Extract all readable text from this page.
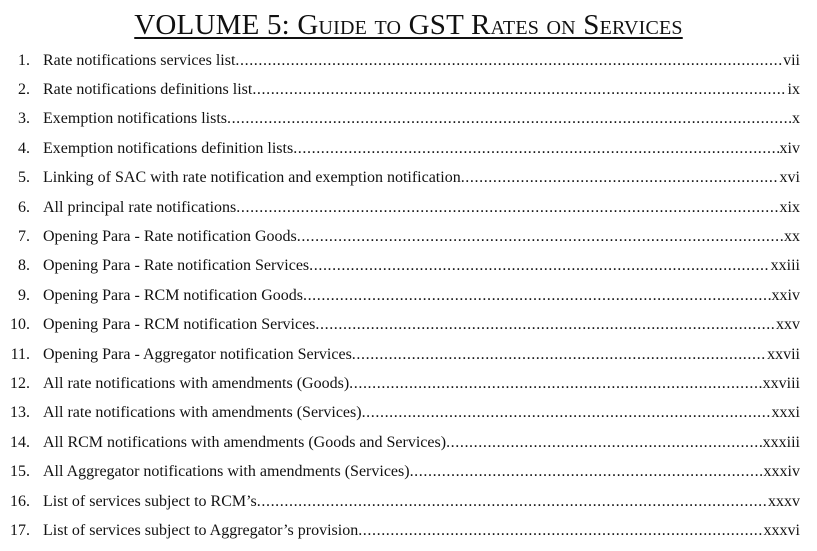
VOLUME 5: Guide to GST Rates on Services
1. Rate notifications services list .....	vii
2. Rate notifications definitions list .....	ix
3. Exemption notifications lists .....	x
4. Exemption notifications definition lists .....	xiv
5. Linking of SAC with rate notification and exemption notification .....	xvi
6. All principal rate notifications .....	xix
7. Opening Para - Rate notification Goods .....	xx
8. Opening Para - Rate notification Services .....	xxiii
9. Opening Para - RCM notification Goods .....	xxiv
10. Opening Para - RCM notification Services .....	xxv
11. Opening Para - Aggregator notification Services .....	xxvii
12. All rate notifications with amendments (Goods) .....	xxviii
13. All rate notifications with amendments (Services) .....	xxxi
14. All RCM notifications with amendments (Goods and Services) .....	xxxiii
15. All Aggregator notifications with amendments (Services) .....	xxxiv
16. List of services subject to RCM’s .....	xxxv
17. List of services subject to Aggregator’s provision .....	xxxvi
